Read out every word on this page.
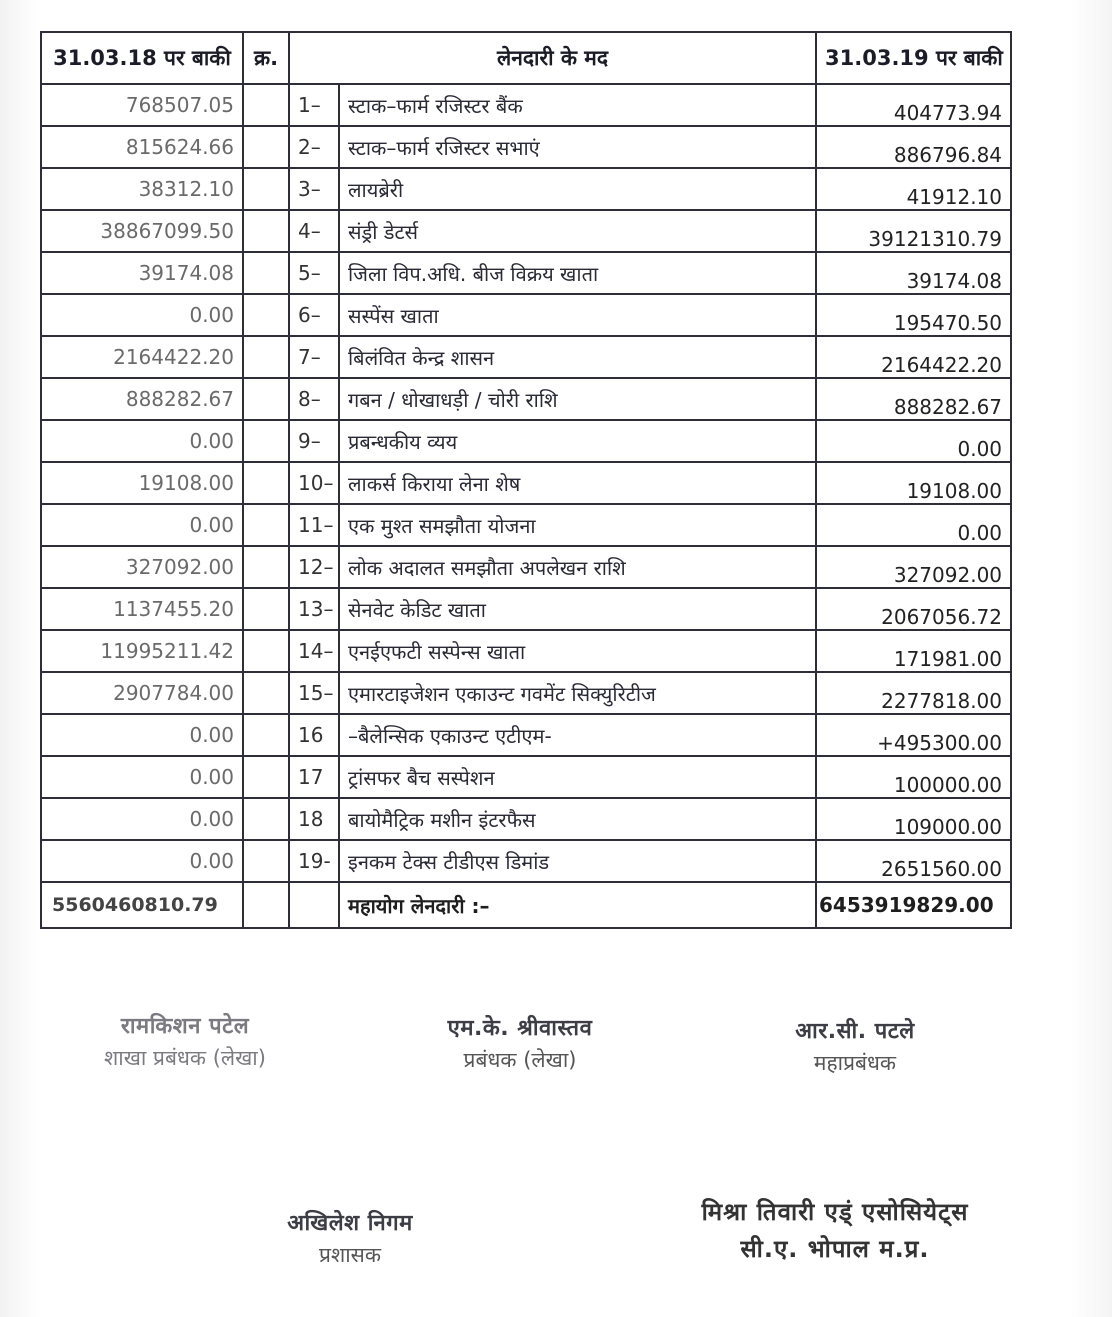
31.03.18 पर बाकी	क्र.	लेनदारी के मद		31.03.19 पर बाकी
768507.05		1–	स्टाक–फार्म रजिस्टर बैंक	404773.94
815624.66		2–	स्टाक–फार्म रजिस्टर सभाएं	886796.84
38312.10		3–	लायब्रेरी	41912.10
38867099.50		4–	संड्री डेटर्स	39121310.79
39174.08		5–	जिला विप.अधि. बीज विक्रय खाता	39174.08
0.00		6–	सस्पेंस खाता	195470.50
2164422.20		7–	बिलंवित केन्द्र शासन	2164422.20
888282.67		8–	गबन / धोखाधड़ी / चोरी राशि	888282.67
0.00		9–	प्रबन्धकीय व्यय	0.00
19108.00		10–	लाकर्स किराया लेना शेष	19108.00
0.00		11–	एक मुश्त समझौता योजना	0.00
327092.00		12–	लोक अदालत समझौता अपलेखन राशि	327092.00
1137455.20		13–	सेनवेट केडिट खाता	2067056.72
11995211.42		14–	एनईएफटी सस्पेन्स खाता	171981.00
2907784.00		15–	एमारटाइजेशन एकाउन्ट गवमेंट सिक्युरिटीज	2277818.00
0.00		16	–बैलेन्सिक एकाउन्ट एटीएम-	+495300.00
0.00		17	ट्रांसफर बैच सस्पेशन	100000.00
0.00		18	बायोमैट्रिक मशीन इंटरफैस	109000.00
0.00		19-	इनकम टेक्स टीडीएस डिमांड	2651560.00
5560460810.79			महायोग लेनदारी :–	6453919829.00
रामकिशन पटेल
शाखा प्रबंधक (लेखा)
एम.के. श्रीवास्तव
प्रबंधक (लेखा)
आर.सी. पटले
महाप्रबंधक
अखिलेश निगम
प्रशासक
मिश्रा तिवारी एड्ं एसोसियेट्स
सी.ए. भोपाल म.प्र.
